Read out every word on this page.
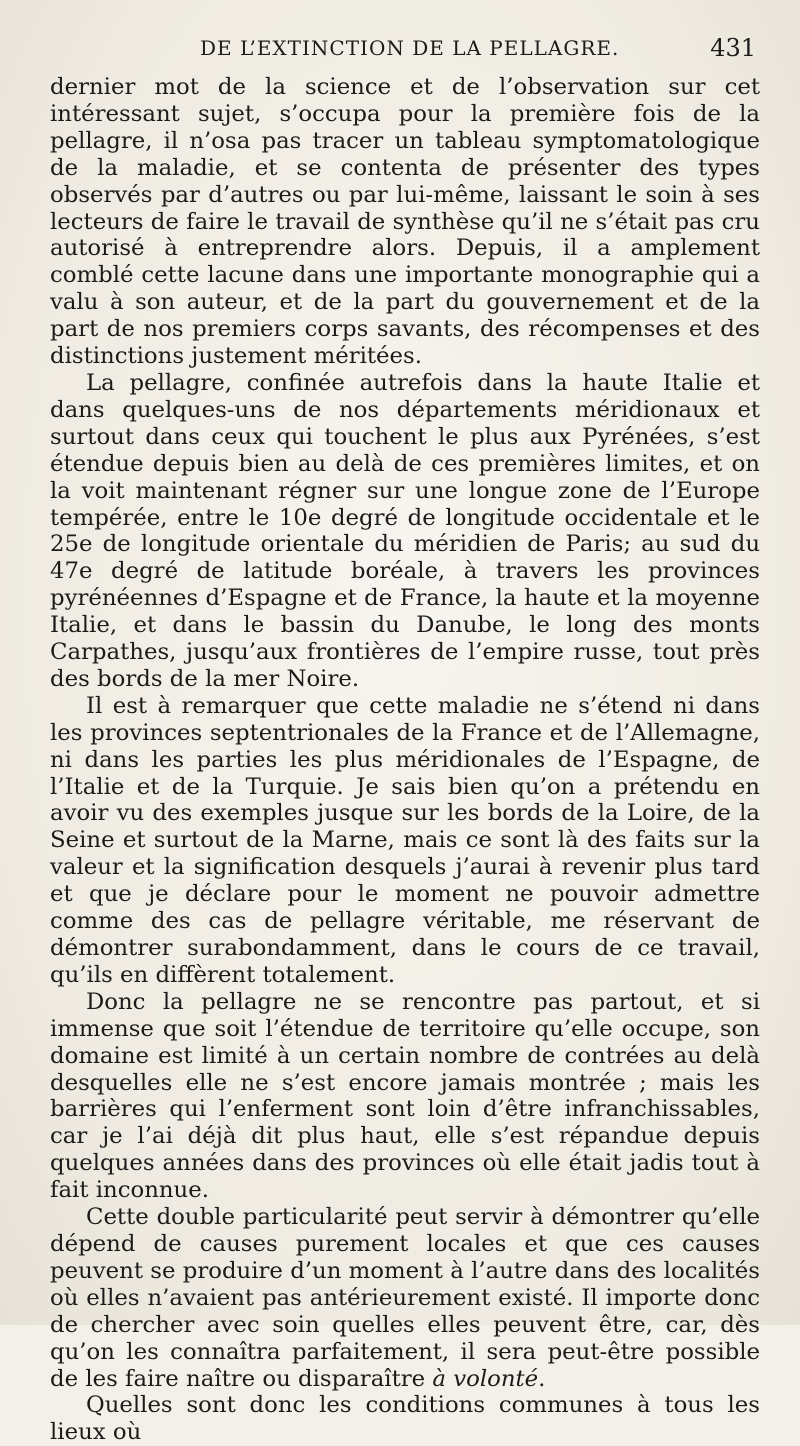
DE L’EXTINCTION DE LA PELLAGRE.	431

dernier mot de la science et de l’observation sur cet intéressant sujet, s’occupa pour la première fois de la pellagre, il n’osa pas tracer un tableau symptomatologique de la maladie, et se contenta de présenter des types observés par d’autres ou par lui-même, laissant le soin à ses lecteurs de faire le travail de synthèse qu’il ne s’était pas cru autorisé à entreprendre alors. Depuis, il a amplement comblé cette lacune dans une importante monographie qui a valu à son auteur, et de la part du gouvernement et de la part de nos premiers corps savants, des récompenses et des distinctions justement méritées.

La pellagre, confinée autrefois dans la haute Italie et dans quelques-uns de nos départements méridionaux et surtout dans ceux qui touchent le plus aux Pyrénées, s’est étendue depuis bien au delà de ces premières limites, et on la voit maintenant régner sur une longue zone de l’Europe tempérée, entre le 10e degré de longitude occidentale et le 25e de longitude orientale du méridien de Paris; au sud du 47e degré de latitude boréale, à travers les provinces pyrénéennes d’Espagne et de France, la haute et la moyenne Italie, et dans le bassin du Danube, le long des monts Carpathes, jusqu’aux frontières de l’empire russe, tout près des bords de la mer Noire.

Il est à remarquer que cette maladie ne s’étend ni dans les provinces septentrionales de la France et de l’Allemagne, ni dans les parties les plus méridionales de l’Espagne, de l’Italie et de la Turquie. Je sais bien qu’on a prétendu en avoir vu des exemples jusque sur les bords de la Loire, de la Seine et surtout de la Marne, mais ce sont là des faits sur la valeur et la signification desquels j’aurai à revenir plus tard et que je déclare pour le moment ne pouvoir admettre comme des cas de pellagre véritable, me réservant de démontrer surabondamment, dans le cours de ce travail, qu’ils en diffèrent totalement.

Donc la pellagre ne se rencontre pas partout, et si immense que soit l’étendue de territoire qu’elle occupe, son domaine est limité à un certain nombre de contrées au delà desquelles elle ne s’est encore jamais montrée ; mais les barrières qui l’enferment sont loin d’être infranchissables, car je l’ai déjà dit plus haut, elle s’est répandue depuis quelques années dans des provinces où elle était jadis tout à fait inconnue.

Cette double particularité peut servir à démontrer qu’elle dépend de causes purement locales et que ces causes peuvent se produire d’un moment à l’autre dans des localités où elles n’avaient pas antérieurement existé. Il importe donc de chercher avec soin quelles elles peuvent être, car, dès qu’on les connaîtra parfaitement, il sera peut-être possible de les faire naître ou disparaître à volonté.

Quelles sont donc les conditions communes à tous les lieux où
